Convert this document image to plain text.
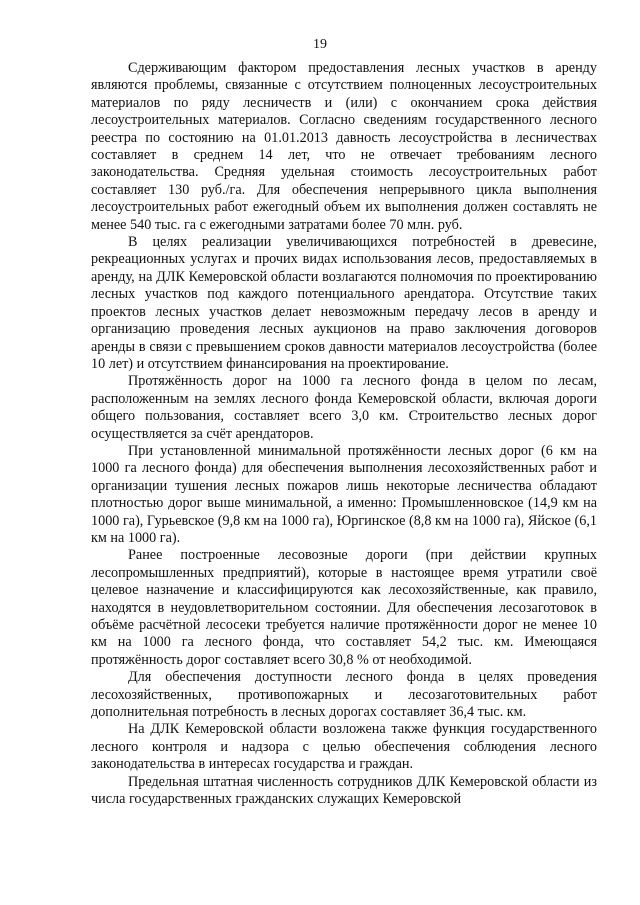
19

Сдерживающим фактором предоставления лесных участков в аренду являются проблемы, связанные с отсутствием полноценных лесоустроительных материалов по ряду лесничеств и (или) с окончанием срока действия лесоустроительных материалов. Согласно сведениям государственного лесного реестра по состоянию на 01.01.2013 давность лесоустройства в лесничествах составляет в среднем 14 лет, что не отвечает требованиям лесного законодательства. Средняя удельная стоимость лесоустроительных работ составляет 130 руб./га. Для обеспечения непрерывного цикла выполнения лесоустроительных работ ежегодный объем их выполнения должен составлять не менее 540 тыс. га с ежегодными затратами более 70 млн. руб.

В целях реализации увеличивающихся потребностей в древесине, рекреационных услугах и прочих видах использования лесов, предоставляемых в аренду, на ДЛК Кемеровской области возлагаются полномочия по проектированию лесных участков под каждого потенциального арендатора. Отсутствие таких проектов лесных участков делает невозможным передачу лесов в аренду и организацию проведения лесных аукционов на право заключения договоров аренды в связи с превышением сроков давности материалов лесоустройства (более 10 лет) и отсутствием финансирования на проектирование.

Протяжённость дорог на 1000 га лесного фонда в целом по лесам, расположенным на землях лесного фонда Кемеровской области, включая дороги общего пользования, составляет всего 3,0 км. Строительство лесных дорог осуществляется за счёт арендаторов.

При установленной минимальной протяжённости лесных дорог (6 км на 1000 га лесного фонда) для обеспечения выполнения лесохозяйственных работ и организации тушения лесных пожаров лишь некоторые лесничества обладают плотностью дорог выше минимальной, а именно: Промышленновское (14,9 км на 1000 га), Гурьевское (9,8 км на 1000 га), Юргинское (8,8 км на 1000 га), Яйское (6,1 км на 1000 га).

Ранее построенные лесовозные дороги (при действии крупных лесопромышленных предприятий), которые в настоящее время утратили своё целевое назначение и классифицируются как лесохозяйственные, как правило, находятся в неудовлетворительном состоянии. Для обеспечения лесозаготовок в объёме расчётной лесосеки требуется наличие протяжённости дорог не менее 10 км на 1000 га лесного фонда, что составляет 54,2 тыс. км. Имеющаяся протяжённость дорог составляет всего 30,8 % от необходимой.

Для обеспечения доступности лесного фонда в целях проведения лесохозяйственных, противопожарных и лесозаготовительных работ дополнительная потребность в лесных дорогах составляет 36,4 тыс. км.

На ДЛК Кемеровской области возложена также функция государственного лесного контроля и надзора с целью обеспечения соблюдения лесного законодательства в интересах государства и граждан.

Предельная штатная численность сотрудников ДЛК Кемеровской области из числа государственных гражданских служащих Кемеровской
